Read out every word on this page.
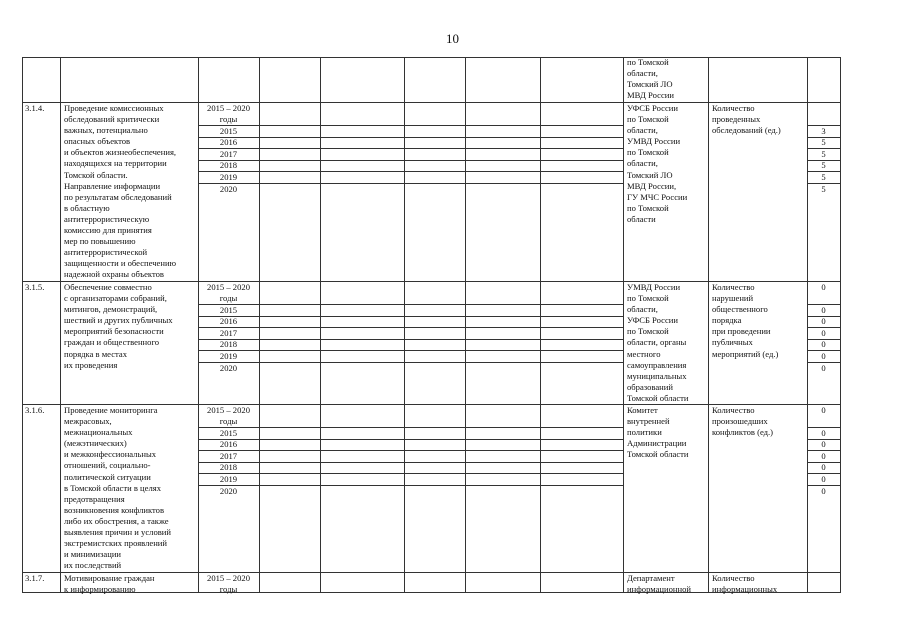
10
по Томской
области,
Томский ЛО
МВД России
3.1.4. Проведение комиссионных
обследований критически
важных, потенциально
опасных объектов
и объектов жизнеобеспечения,
находящихся на территории
Томской области.
Направление информации
по результатам обследований
в областную
антитеррористическую
комиссию для принятия
мер по повышению
антитеррористической
защищенности и обеспечению
надежной охраны объектов
2015 – 2020
годы
2015
2016
2017
2018
2019
2020
УФСБ России
по Томской
области,
УМВД России
по Томской
области,
Томский ЛО
МВД России,
ГУ МЧС России
по Томской
области
Количество
проведенных
обследований (ед.)	3
5
5
5
5
5
3.1.5. Обеспечение совместно
с организаторами собраний,
митингов, демонстраций,
шествий и других публичных
мероприятий безопасности
граждан и общественного
порядка в местах
их проведения
2015 – 2020
годы
2015
2016
2017
2018
2019
2020
УМВД России
по Томской
области,
УФСБ России
по Томской
области, органы
местного
самоуправления
муниципальных
образований
Томской области
Количество
нарушений
общественного
порядка
при проведении
публичных
мероприятий (ед.)
0
0
0
0
0
0
0
3.1.6. Проведение мониторинга
межрасовых,
межнациональных
(межэтнических)
и межконфессиональных
отношений, социально-
политической ситуации
в Томской области в целях
предотвращения
возникновения конфликтов
либо их обострения, а также
выявления причин и условий
экстремистских проявлений
и минимизации
их последствий
2015 – 2020
годы
2015
2016
2017
2018
2019
2020
Комитет
внутренней
политики
Администрации
Томской области
Количество
произошедших
конфликтов (ед.)
0
0
0
0
0
0
0
3.1.7. Мотивирование граждан
к информированию
2015 – 2020
годы
Департамент
информационной
Количество
информационных
